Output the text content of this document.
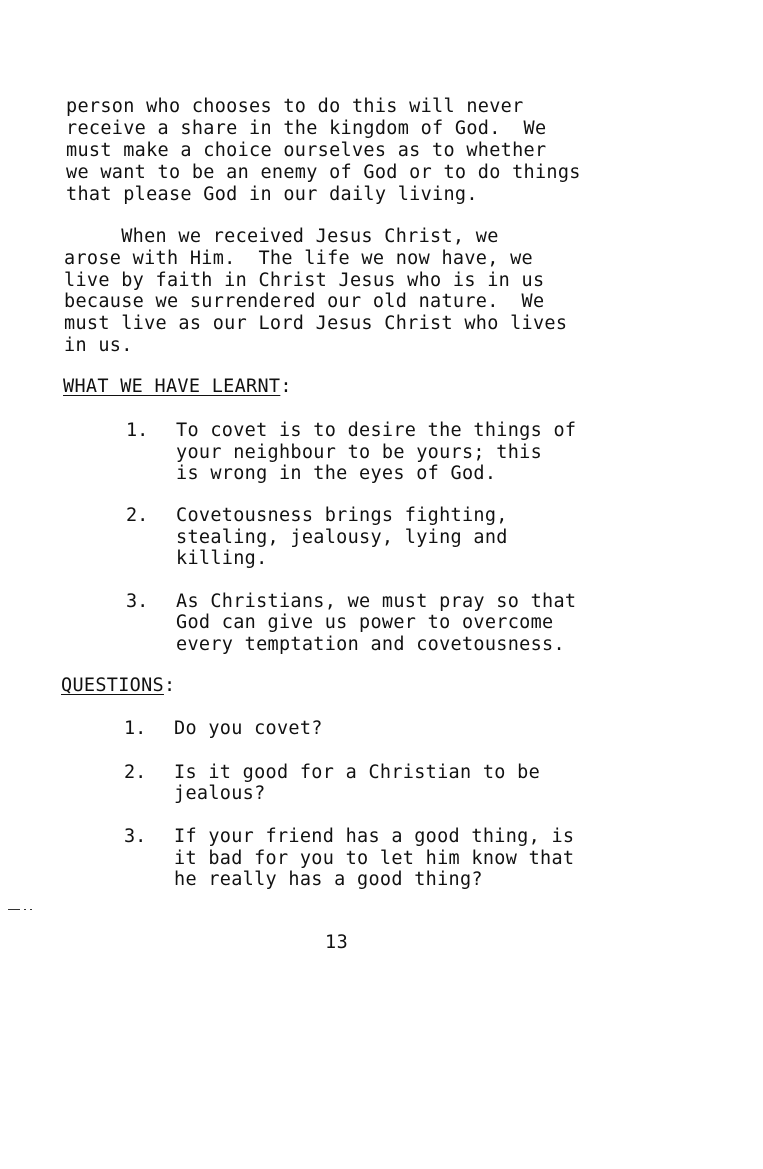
person who chooses to do this will never
receive a share in the kingdom of God.  We
must make a choice ourselves as to whether
we want to be an enemy of God or to do things
that please God in our daily living.
When we received Jesus Christ, we
arose with Him.  The life we now have, we
live by faith in Christ Jesus who is in us
because we surrendered our old nature.  We
must live as our Lord Jesus Christ who lives
in us.
WHAT WE HAVE LEARNT:
1. To covet is to desire the things of
your neighbour to be yours; this
is wrong in the eyes of God.
2. Covetousness brings fighting,
stealing, jealousy, lying and
killing.
3. As Christians, we must pray so that
God can give us power to overcome
every temptation and covetousness.
QUESTIONS:
1. Do you covet?
2. Is it good for a Christian to be
jealous?
3. If your friend has a good thing, is
it bad for you to let him know that
he really has a good thing?
13
